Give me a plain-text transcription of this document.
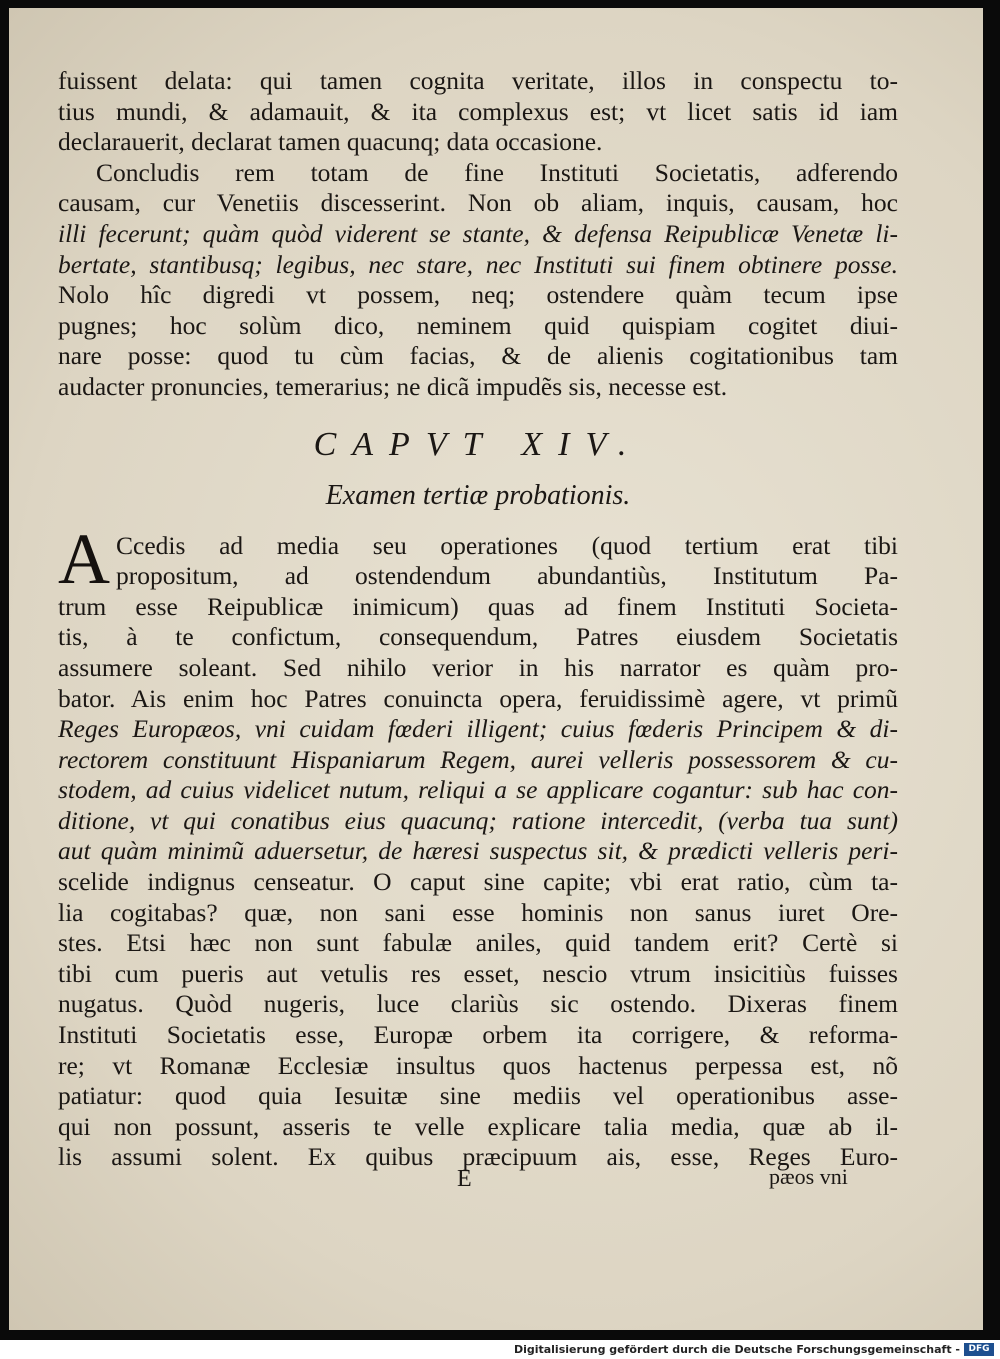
fuissent delata: qui tamen cognita veritate, illos in conspectu to-
tius mundi, & adamauit, & ita complexus est; vt licet satis id iam
declarauerit, declarat tamen quacunq; data occasione.
Concludis rem totam de fine Instituti Societatis, adferendo
causam, cur Venetiis discesserint. Non ob aliam, inquis, causam, hoc
illi fecerunt; quàm quòd viderent se stante, & defensa Reipublicæ Venetæ li-
bertate, stantibusq; legibus, nec stare, nec Instituti sui finem obtinere posse.
Nolo hîc digredi vt possem, neq; ostendere quàm tecum ipse
pugnes; hoc solùm dico, neminem quid quispiam cogitet diui-
nare posse: quod tu cùm facias, & de alienis cogitationibus tam
audacter pronuncies, temerarius; ne dicã impudẽs sis, necesse est.
CAPVT XIV.
Examen tertiæ probationis.
A Ccedis ad media seu operationes (quod tertium erat tibi
propositum, ad ostendendum abundantiùs, Institutum Pa-
trum esse Reipublicæ inimicum) quas ad finem Instituti Societa-
tis, à te confictum, consequendum, Patres eiusdem Societatis
assumere soleant. Sed nihilo verior in his narrator es quàm pro-
bator. Ais enim hoc Patres conuincta opera, feruidissimè agere, vt primũ
Reges Europæos, vni cuidam fœderi illigent; cuius fœderis Principem & di-
rectorem constituunt Hispaniarum Regem, aurei velleris possessorem & cu-
stodem, ad cuius videlicet nutum, reliqui a se applicare cogantur: sub hac con-
ditione, vt qui conatibus eius quacunq; ratione intercedit, (verba tua sunt)
aut quàm minimũ aduersetur, de hæresi suspectus sit, & prædicti velleris peri-
scelide indignus censeatur. O caput sine capite; vbi erat ratio, cùm ta-
lia cogitabas? quæ, non sani esse hominis non sanus iuret Ore-
stes. Etsi hæc non sunt fabulæ aniles, quid tandem erit? Certè si
tibi cum pueris aut vetulis res esset, nescio vtrum insicitiùs fuisses
nugatus. Quòd nugeris, luce clariùs sic ostendo. Dixeras finem
Instituti Societatis esse, Europæ orbem ita corrigere, & reforma-
re; vt Romanæ Ecclesiæ insultus quos hactenus perpessa est, nõ
patiatur: quod quia Iesuitæ sine mediis vel operationibus asse-
qui non possunt, asseris te velle explicare talia media, quæ ab il-
lis assumi solent. Ex quibus præcipuum ais, esse, Reges Euro-
E	pæos vni
Digitalisierung gefördert durch die Deutsche Forschungsgemeinschaft - DFG
